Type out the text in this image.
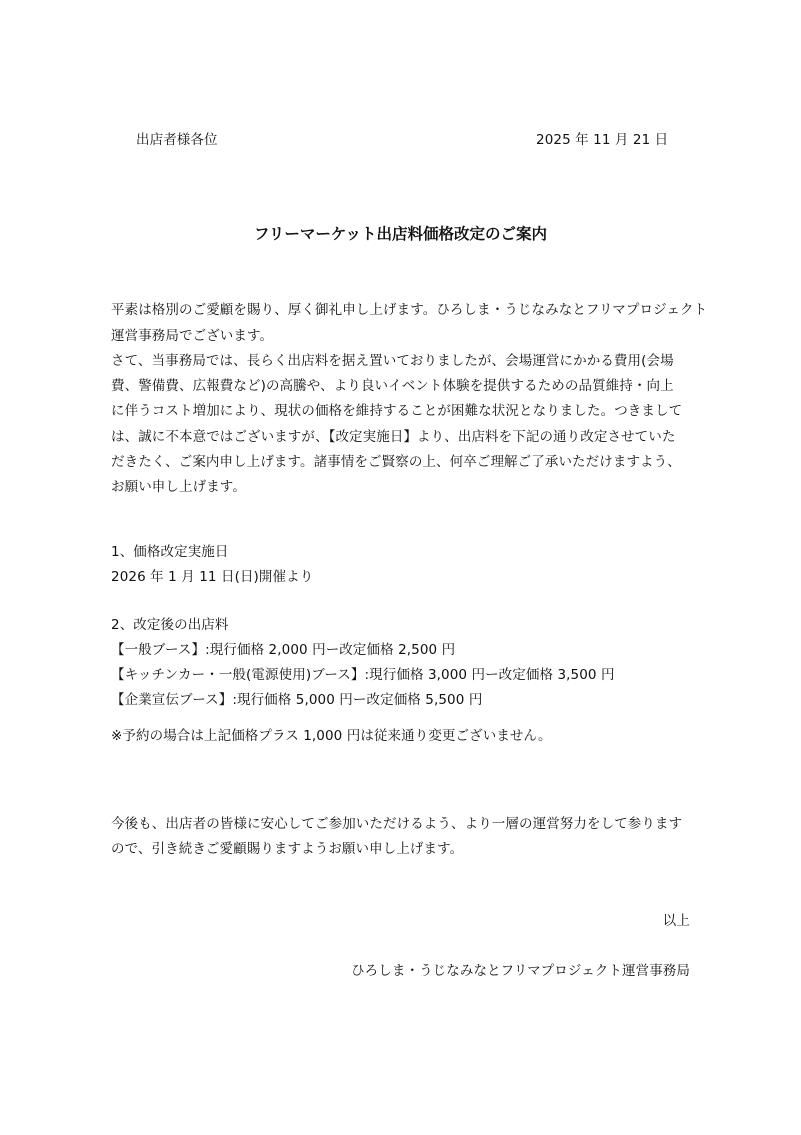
出店者様各位	2025 年 11 月 21 日
フリーマーケット出店料価格改定のご案内
平素は格別のご愛顧を賜り、厚く御礼申し上げます。ひろしま・うじなみなとフリマプロジェクト
運営事務局でございます。
さて、当事務局では、長らく出店料を据え置いておりましたが、会場運営にかかる費用(会場
費、警備費、広報費など)の高騰や、より良いイベント体験を提供するための品質維持・向上
に伴うコスト増加により、現状の価格を維持することが困難な状況となりました。つきまして
は、誠に不本意ではございますが、【改定実施日】より、出店料を下記の通り改定させていた
だきたく、ご案内申し上げます。諸事情をご賢察の上、何卒ご理解ご了承いただけますよう、
お願い申し上げます。
1、価格改定実施日
2026 年 1 月 11 日(日)開催より
2、改定後の出店料
【一般ブース】:現行価格 2,000 円ー改定価格 2,500 円
【キッチンカー・一般(電源使用)ブース】:現行価格 3,000 円ー改定価格 3,500 円
【企業宣伝ブース】:現行価格 5,000 円ー改定価格 5,500 円
※予約の場合は上記価格プラス 1,000 円は従来通り変更ございません。
今後も、出店者の皆様に安心してご参加いただけるよう、より一層の運営努力をして参ります
ので、引き続きご愛顧賜りますようお願い申し上げます。
以上
ひろしま・うじなみなとフリマプロジェクト運営事務局
